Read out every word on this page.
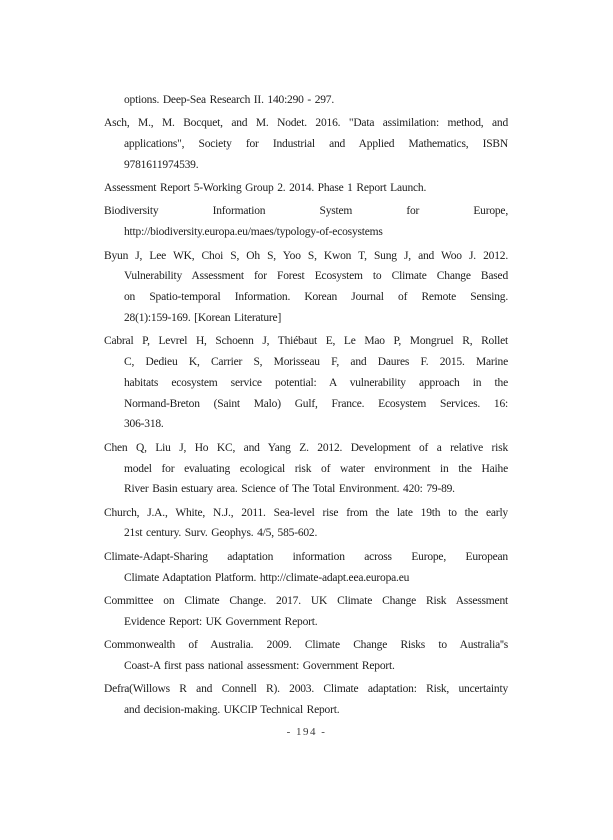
options. Deep-Sea Research II. 140:290 - 297.

Asch, M., M. Bocquet, and M. Nodet. 2016. "Data assimilation: method, and
applications", Society for Industrial and Applied Mathematics, ISBN
9781611974539.

Assessment Report 5-Working Group 2. 2014. Phase 1 Report Launch.

Biodiversity Information System for Europe,
http://biodiversity.europa.eu/maes/typology-of-ecosystems

Byun J, Lee WK, Choi S, Oh S, Yoo S, Kwon T, Sung J, and Woo J. 2012.
Vulnerability Assessment for Forest Ecosystem to Climate Change Based
on Spatio-temporal Information. Korean Journal of Remote Sensing.
28(1):159-169. [Korean Literature]

Cabral P, Levrel H, Schoenn J, Thiébaut E, Le Mao P, Mongruel R, Rollet
C, Dedieu K, Carrier S, Morisseau F, and Daures F. 2015. Marine
habitats ecosystem service potential: A vulnerability approach in the
Normand-Breton (Saint Malo) Gulf, France. Ecosystem Services. 16:
306-318.

Chen Q, Liu J, Ho KC, and Yang Z. 2012. Development of a relative risk
model for evaluating ecological risk of water environment in the Haihe
River Basin estuary area. Science of The Total Environment. 420: 79-89.

Church, J.A., White, N.J., 2011. Sea-level rise from the late 19th to the early
21st century. Surv. Geophys. 4/5, 585-602.

Climate-Adapt-Sharing adaptation information across Europe, European
Climate Adaptation Platform. http://climate-adapt.eea.europa.eu

Committee on Climate Change. 2017. UK Climate Change Risk Assessment
Evidence Report: UK Government Report.

Commonwealth of Australia. 2009. Climate Change Risks to Australia''s
Coast-A first pass national assessment: Government Report.

Defra(Willows R and Connell R). 2003. Climate adaptation: Risk, uncertainty
and decision-making. UKCIP Technical Report.

- 194 -
